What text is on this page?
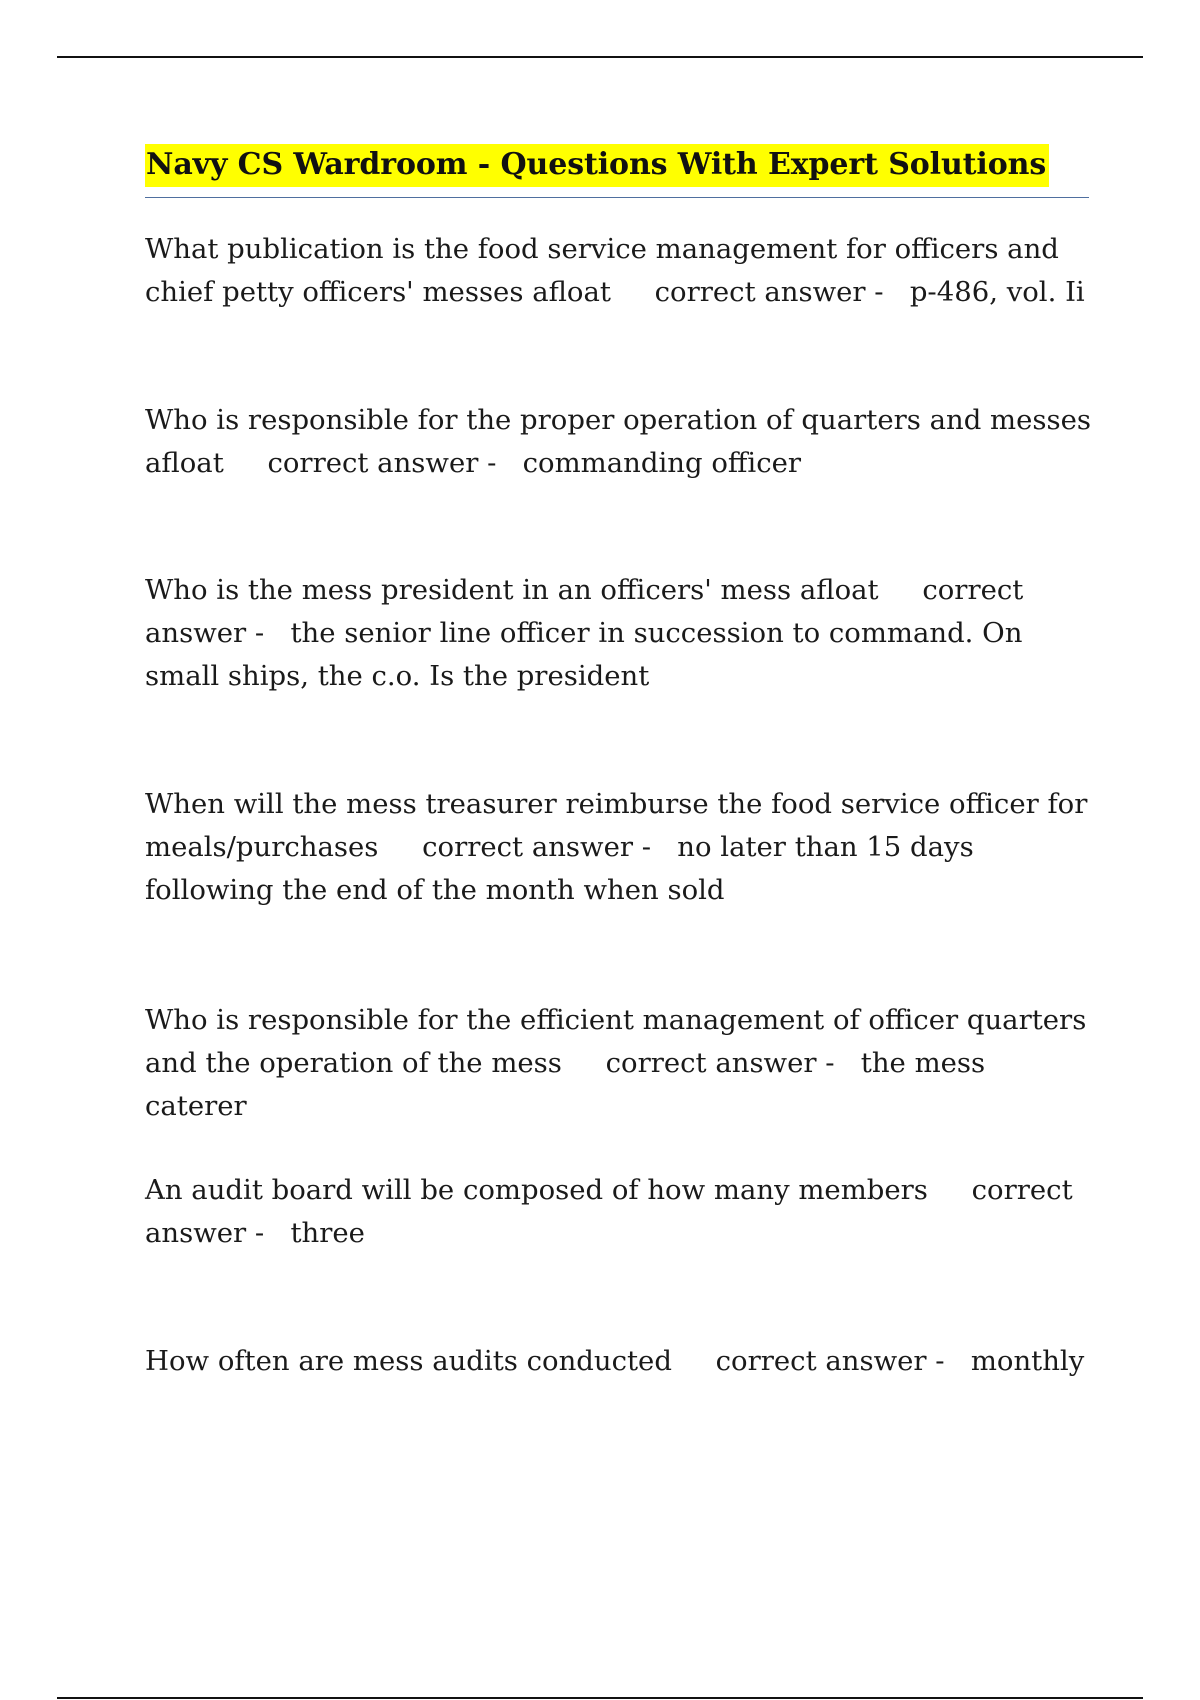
Navy CS Wardroom - Questions With Expert Solutions

What publication is the food service management for officers and chief petty officers' messes afloat correct answer - p-486, vol. Ii

Who is responsible for the proper operation of quarters and messes afloat correct answer - commanding officer

Who is the mess president in an officers' mess afloat correct answer - the senior line officer in succession to command. On small ships, the c.o. Is the president

When will the mess treasurer reimburse the food service officer for meals/purchases correct answer - no later than 15 days following the end of the month when sold

Who is responsible for the efficient management of officer quarters and the operation of the mess correct answer - the mess caterer

An audit board will be composed of how many members correct answer - three

How often are mess audits conducted correct answer - monthly
